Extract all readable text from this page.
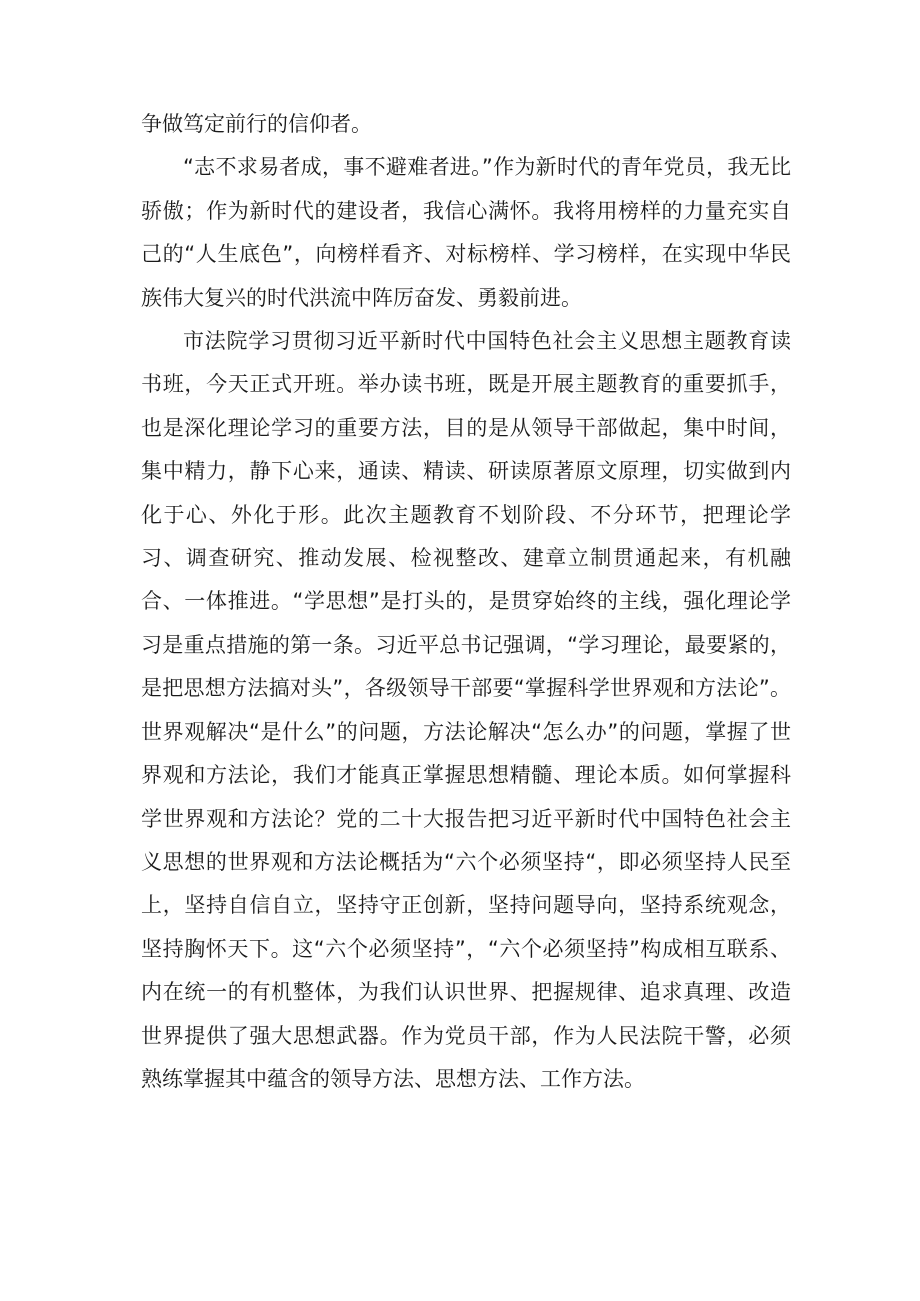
争做笃定前行的信仰者。

“志不求易者成，事不避难者进。”作为新时代的青年党员，我无比骄傲；作为新时代的建设者，我信心满怀。我将用榜样的力量充实自己的“人生底色”，向榜样看齐、对标榜样、学习榜样，在实现中华民族伟大复兴的时代洪流中阵厉奋发、勇毅前进。

市法院学习贯彻习近平新时代中国特色社会主义思想主题教育读书班，今天正式开班。举办读书班，既是开展主题教育的重要抓手，也是深化理论学习的重要方法，目的是从领导干部做起，集中时间，集中精力，静下心来，通读、精读、研读原著原文原理，切实做到内化于心、外化于形。此次主题教育不划阶段、不分环节，把理论学习、调查研究、推动发展、检视整改、建章立制贯通起来，有机融合、一体推进。“学思想”是打头的，是贯穿始终的主线，强化理论学习是重点措施的第一条。习近平总书记强调，“学习理论，最要紧的，是把思想方法搞对头”，各级领导干部要“掌握科学世界观和方法论”。世界观解决“是什么”的问题，方法论解决“怎么办”的问题，掌握了世界观和方法论，我们才能真正掌握思想精髓、理论本质。如何掌握科学世界观和方法论？党的二十大报告把习近平新时代中国特色社会主义思想的世界观和方法论概括为“六个必须坚持“，即必须坚持人民至上，坚持自信自立，坚持守正创新，坚持问题导向，坚持系统观念，坚持胸怀天下。这“六个必须坚持”，“六个必须坚持”构成相互联系、内在统一的有机整体，为我们认识世界、把握规律、追求真理、改造世界提供了强大思想武器。作为党员干部，作为人民法院干警，必须熟练掌握其中蕴含的领导方法、思想方法、工作方法。
